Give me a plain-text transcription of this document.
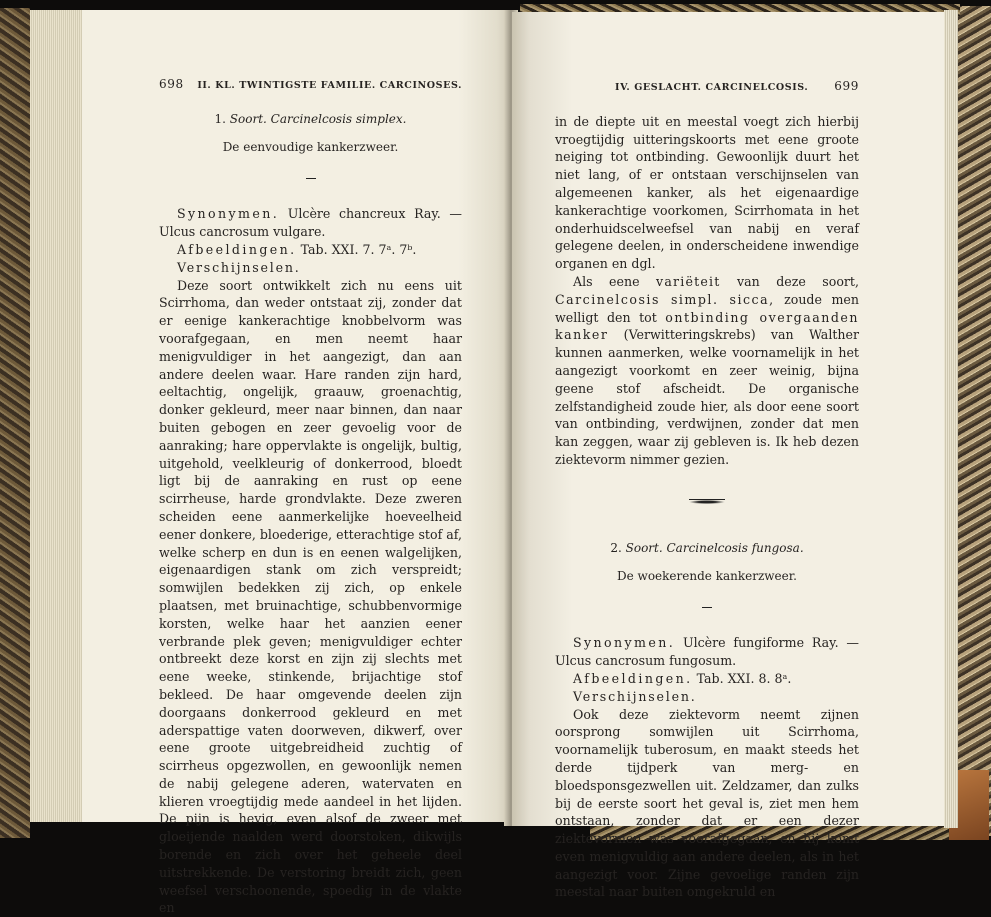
698 II. KL. TWINTIGSTE FAMILIE. CARCINOSES.
1. Soort. Carcinelcosis simplex.
De eenvoudige kankerzweer.

Synonymen. Ulcère chancreux Ray. — Ulcus cancrosum vulgare.

Afbeeldingen. Tab. XXI. 7. 7ᵃ. 7ᵇ.

Verschijnselen.

Deze soort ontwikkelt zich nu eens uit Scirrhoma, dan weder ontstaat zij, zonder dat er eenige kankerachtige knobbelvorm was voorafgegaan, en men neemt haar menigvuldiger in het aangezigt, dan aan andere deelen waar. Hare randen zijn hard, eeltachtig, ongelijk, graauw, groenachtig, donker gekleurd, meer naar binnen, dan naar buiten gebogen en zeer gevoelig voor de aanraking; hare oppervlakte is ongelijk, bultig, uitgehold, veelkleurig of donkerrood, bloedt ligt bij de aanraking en rust op eene scirrheuse, harde grondvlakte. Deze zweren scheiden eene aanmerkelijke hoeveelheid eener donkere, bloederige, etterachtige stof af, welke scherp en dun is en eenen walgelijken, eigenaardigen stank om zich verspreidt; somwijlen bedekken zij zich, op enkele plaatsen, met bruinachtige, schubbenvormige korsten, welke haar het aanzien eener verbrande plek geven; menigvuldiger echter ontbreekt deze korst en zijn zij slechts met eene weeke, stinkende, brijachtige stof bekleed. De haar omgevende deelen zijn doorgaans donkerrood gekleurd en met aderspattige vaten doorweven, dikwerf, over eene groote uitgebreidheid zuchtig of scirrheus opgezwollen, en gewoonlijk nemen de nabij gelegene aderen, watervaten en klieren vroegtijdig mede aandeel in het lijden. De pijn is hevig, even alsof de zweer met gloeijende naalden werd doorstoken, dikwijls borende en zich over het geheele deel uitstrekkende. De verstoring breidt zich, geen weefsel verschoonende, spoedig in de vlakte en

IV. GESLACHT. CARCINELCOSIS.	699

in de diepte uit en meestal voegt zich hierbij vroegtijdig uitteringskoorts met eene groote neiging tot ontbinding. Gewoonlijk duurt het niet lang, of er ontstaan verschijnselen van algemeenen kanker, als het eigenaardige kankerachtige voorkomen, Scirrhomata in het onderhuidscelweefsel van nabij en veraf gelegene deelen, in onderscheidene inwendige organen en dgl.

Als eene variëteit van deze soort, Carcinelcosis simpl. sicca, zoude men welligt den tot ontbinding overgaanden kanker (Verwitteringskrebs) van Walther kunnen aanmerken, welke voornamelijk in het aangezigt voorkomt en zeer weinig, bijna geene stof afscheidt. De organische zelfstandigheid zoude hier, als door eene soort van ontbinding, verdwijnen, zonder dat men kan zeggen, waar zij gebleven is. Ik heb dezen ziektevorm nimmer gezien.

2. Soort. Carcinelcosis fungosa.
De woekerende kankerzweer.

Synonymen. Ulcère fungiforme Ray. — Ulcus cancrosum fungosum.

Afbeeldingen. Tab. XXI. 8. 8ᵃ.

Verschijnselen.

Ook deze ziektevorm neemt zijnen oorsprong somwijlen uit Scirrhoma, voornamelijk tuberosum, en maakt steeds het derde tijdperk van merg- en bloedsponsgezwellen uit. Zeldzamer, dan zulks bij de eerste soort het geval is, ziet men hem ontstaan, zonder dat er een dezer ziektevormen was voorafgegaan, en hij komt even menigvuldig aan andere deelen, als in het aangezigt voor. Zijne gevoelige randen zijn meestal naar buiten omgekruld en
